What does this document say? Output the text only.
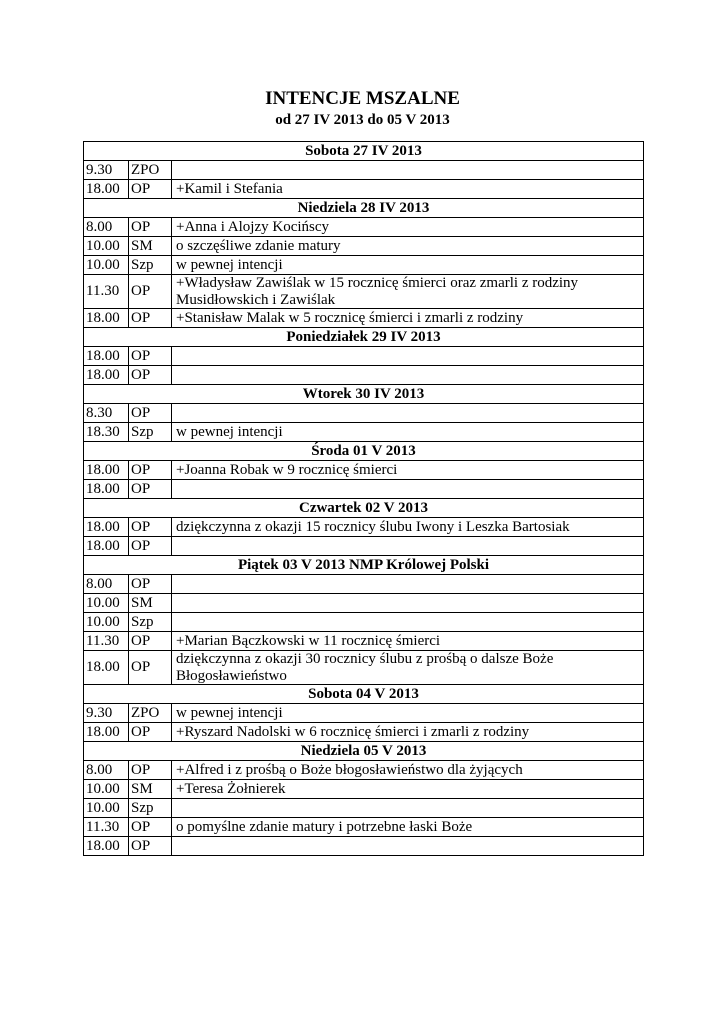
INTENCJE MSZALNE
od 27 IV 2013 do 05 V 2013
Sobota 27 IV 2013		
9.30	ZPO	
18.00	OP	+Kamil i Stefania
Niedziela 28 IV 2013		
8.00	OP	+Anna i Alojzy Kocińscy
10.00	SM	o szczęśliwe zdanie matury
10.00	Szp	w pewnej intencji
11.30	OP	+Władysław Zawiślak w 15 rocznicę śmierci oraz zmarli z rodziny Musidłowskich i Zawiślak
18.00	OP	+Stanisław Malak w 5 rocznicę śmierci i zmarli z rodziny
Poniedziałek 29 IV 2013		
18.00	OP	
18.00	OP	
Wtorek 30 IV 2013		
8.30	OP	
18.30	Szp	w pewnej intencji
Środa 01 V 2013		
18.00	OP	+Joanna Robak w 9 rocznicę śmierci
18.00	OP	
Czwartek 02 V 2013		
18.00	OP	dziękczynna z okazji 15 rocznicy ślubu Iwony i Leszka Bartosiak
18.00	OP	
Piątek 03 V 2013 NMP Królowej Polski		
8.00	OP	
10.00	SM	
10.00	Szp	
11.30	OP	+Marian Bączkowski w 11 rocznicę śmierci
18.00	OP	dziękczynna z okazji 30 rocznicy ślubu z prośbą o dalsze Boże Błogosławieństwo
Sobota 04 V 2013		
9.30	ZPO	w pewnej intencji
18.00	OP	+Ryszard Nadolski w 6 rocznicę śmierci i zmarli z rodziny
Niedziela 05 V 2013		
8.00	OP	+Alfred i z prośbą o Boże błogosławieństwo dla żyjących
10.00	SM	+Teresa Żołnierek
10.00	Szp	
11.30	OP	o pomyślne zdanie matury i potrzebne łaski Boże
18.00	OP	
